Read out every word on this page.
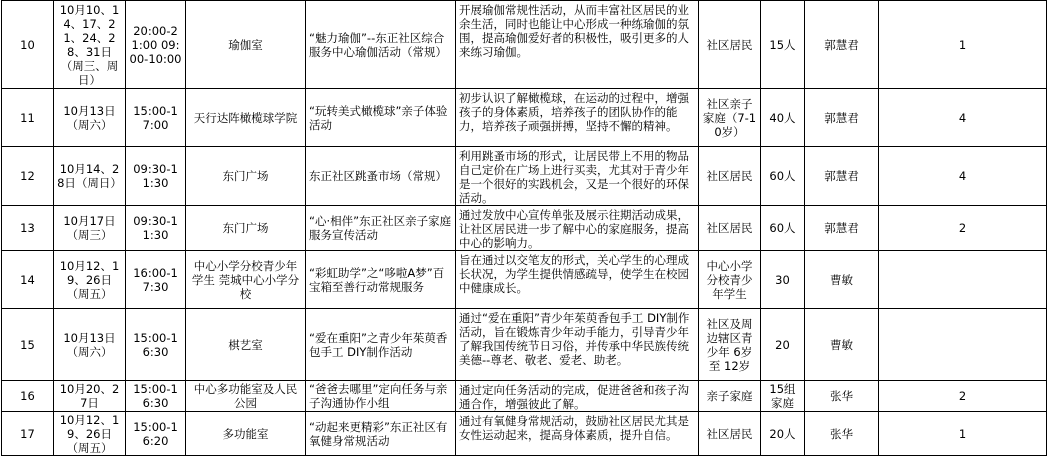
10	10月10、14、17、21、24、28、31日（周三、周日）	20:00-21:00 09:00-10:00	瑜伽室	“魅力瑜伽”--东正社区综合服务中心瑜伽活动（常规）	开展瑜伽常规性活动，从而丰富社区居民的业余生活，同时也能让中心形成一种练瑜伽的氛围，提高瑜伽爱好者的积极性，吸引更多的人来练习瑜伽。	社区居民	15人	郭慧君	1
11	10月13日（周六）	15:00-17:00	天行达阵橄榄球学院	“玩转美式橄榄球”亲子体验活动	初步认识了解橄榄球，在运动的过程中，增强孩子的身体素质，培养孩子的团队协作的能力，培养孩子顽强拼搏，坚持不懈的精神。	社区亲子家庭（7-10岁）	40人	郭慧君	4
12	10月14、28日（周日）	09:30-11:30	东门广场	东正社区跳蚤市场（常规）	利用跳蚤市场的形式，让居民带上不用的物品自己定价在广场上进行买卖，尤其对于青少年是一个很好的实践机会，又是一个很好的环保活动。	社区居民	60人	郭慧君	4
13	10月17日（周三）	09:30-11:30	东门广场	“心·相伴”东正社区亲子家庭服务宣传活动	通过发放中心宣传单张及展示往期活动成果，让社区居民进一步了解中心的家庭服务，提高中心的影响力。	社区居民	60人	郭慧君	2
14	10月12、19、26日（周五）	16:00-17:30	中心小学分校青少年学生 莞城中心小学分校	“彩虹助学”之“哆啦A梦”百宝箱至善行动常规服务	旨在通过以交笔友的形式，关心学生的心理成长状况，为学生提供情感疏导，使学生在校园中健康成长。	中心小学分校青少年学生	30	曹敏	
15	10月13日（周六）	15:00-16:30	棋艺室	“爱在重阳”之青少年茱萸香包手工 DIY制作活动	通过“爱在重阳”青少年茱萸香包手工 DIY制作活动，旨在锻炼青少年动手能力，引导青少年了解我国传统节日习俗，并传承中华民族传统美德--尊老、敬老、爱老、助老。	社区及周边辖区青少年 6岁至 12岁	20	曹敏	
16	10月20、27日	15:00-16:30	中心多功能室及人民公园	“爸爸去哪里”定向任务与亲子沟通协作小组	通过定向任务活动的完成，促进爸爸和孩子沟通合作，增强彼此了解。	亲子家庭	15组家庭	张华	2
17	10月12、19、26日（周五）	15:00-16:20	多功能室	“动起来更精彩”东正社区有氧健身常规活动	通过有氧健身常规活动，鼓励社区居民尤其是女性运动起来，提高身体素质，提升自信。	社区居民	20人	张华	1
